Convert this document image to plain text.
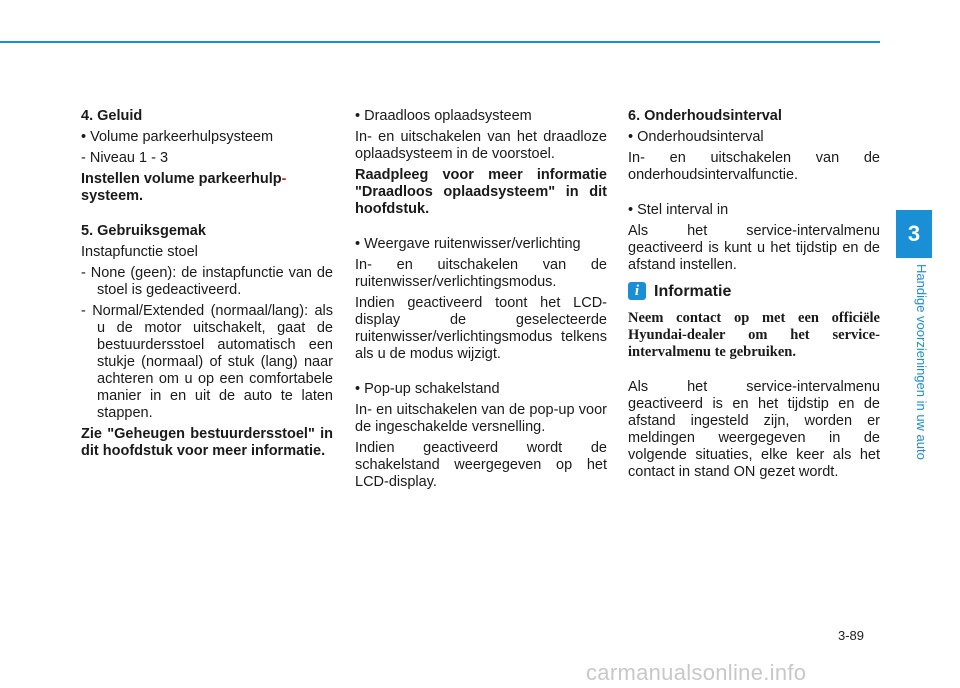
4. Geluid

• Volume parkeerhulpsysteem

- Niveau 1 - 3

Instellen volume parkeerhulp-
systeem.

5. Gebruiksgemak

Instapfunctie stoel

- None (geen): de instapfunctie van de stoel is gedeactiveerd.

- Normal/Extended (normaal/lang): als u de motor uitschakelt, gaat de bestuurdersstoel automatisch een stukje (normaal) of stuk (lang) naar achteren om u op een comfortabele manier in en uit de auto te laten stappen.

Zie "Geheugen bestuurdersstoel" in dit hoofdstuk voor meer informatie.

• Draadloos oplaadsysteem

In- en uitschakelen van het draadloze oplaadsysteem in de voorstoel.

Raadpleeg voor meer informatie "Draadloos oplaadsysteem" in dit hoofdstuk.

• Weergave ruitenwisser/verlichting

In- en uitschakelen van de ruitenwisser/verlichtingsmodus.

Indien geactiveerd toont het LCD-display de geselecteerde ruitenwisser/verlichtingsmodus telkens als u de modus wijzigt.

• Pop-up schakelstand

In- en uitschakelen van de pop-up voor de ingeschakelde versnelling.

Indien geactiveerd wordt de schakelstand weergegeven op het LCD-display.

6. Onderhoudsinterval

• Onderhoudsinterval

In- en uitschakelen van de onderhoudsintervalfunctie.

• Stel interval in

Als het service-intervalmenu geactiveerd is kunt u het tijdstip en de afstand instellen.

i Informatie

Neem contact op met een officiële Hyundai-dealer om het service-intervalmenu te gebruiken.

Als het service-intervalmenu geactiveerd is en het tijdstip en de afstand ingesteld zijn, worden er meldingen weergegeven in de volgende situaties, elke keer als het contact in stand ON gezet wordt.

3
Handige voorzieningen in uw auto
3-89
carmanualsonline.info
